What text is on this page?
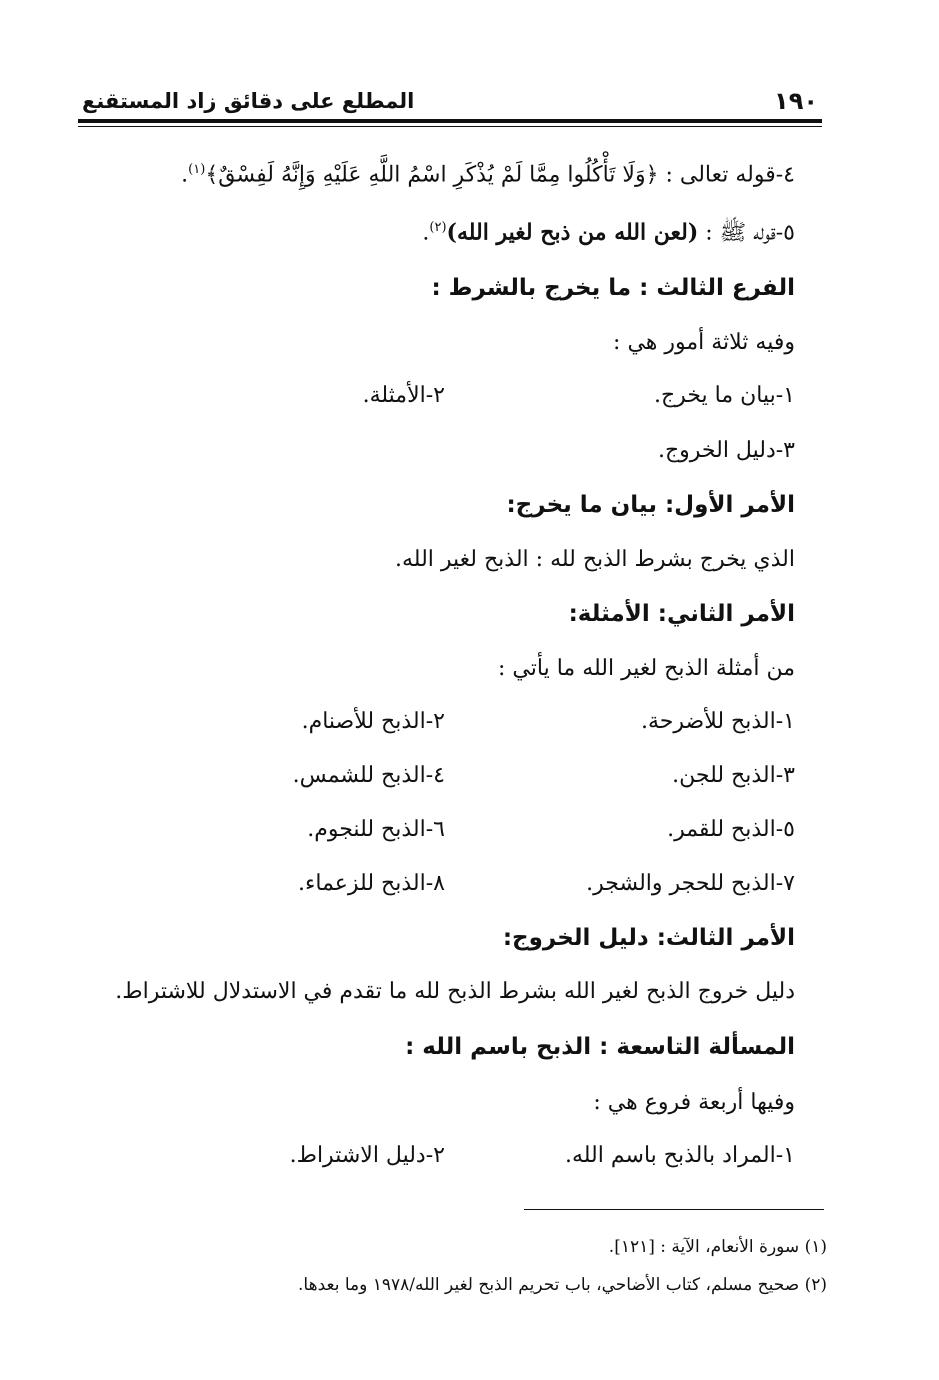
١٩٠
المطلع على دقائق زاد المستقنع
٤-قوله تعالى : ﴿وَلَا تَأْكُلُوا مِمَّا لَمْ يُذْكَرِ اسْمُ اللَّهِ عَلَيْهِ وَإِنَّهُ لَفِسْقٌ﴾$^{(١)}$.
٥-قوله ﷺ : (لعن الله من ذبح لغير الله)$^{(٢)}$.
الفرع الثالث : ما يخرج بالشرط :
وفيه ثلاثة أمور هي :
١-بيان ما يخرج.
٢-الأمثلة.
٣-دليل الخروج.
الأمر الأول: بيان ما يخرج:
الذي يخرج بشرط الذبح لله : الذبح لغير الله.
الأمر الثاني: الأمثلة:
من أمثلة الذبح لغير الله ما يأتي :
١-الذبح للأضرحة.
٢-الذبح للأصنام.
٣-الذبح للجن.
٤-الذبح للشمس.
٥-الذبح للقمر.
٦-الذبح للنجوم.
٧-الذبح للحجر والشجر.
٨-الذبح للزعماء.
الأمر الثالث: دليل الخروج:
دليل خروج الذبح لغير الله بشرط الذبح لله ما تقدم في الاستدلال للاشتراط.
المسألة التاسعة : الذبح باسم الله :
وفيها أربعة فروع هي :
١-المراد بالذبح باسم الله.
٢-دليل الاشتراط.
(١) سورة الأنعام، الآية : [١٢١].
(٢) صحيح مسلم، كتاب الأضاحي، باب تحريم الذبح لغير الله/١٩٧٨ وما بعدها.
